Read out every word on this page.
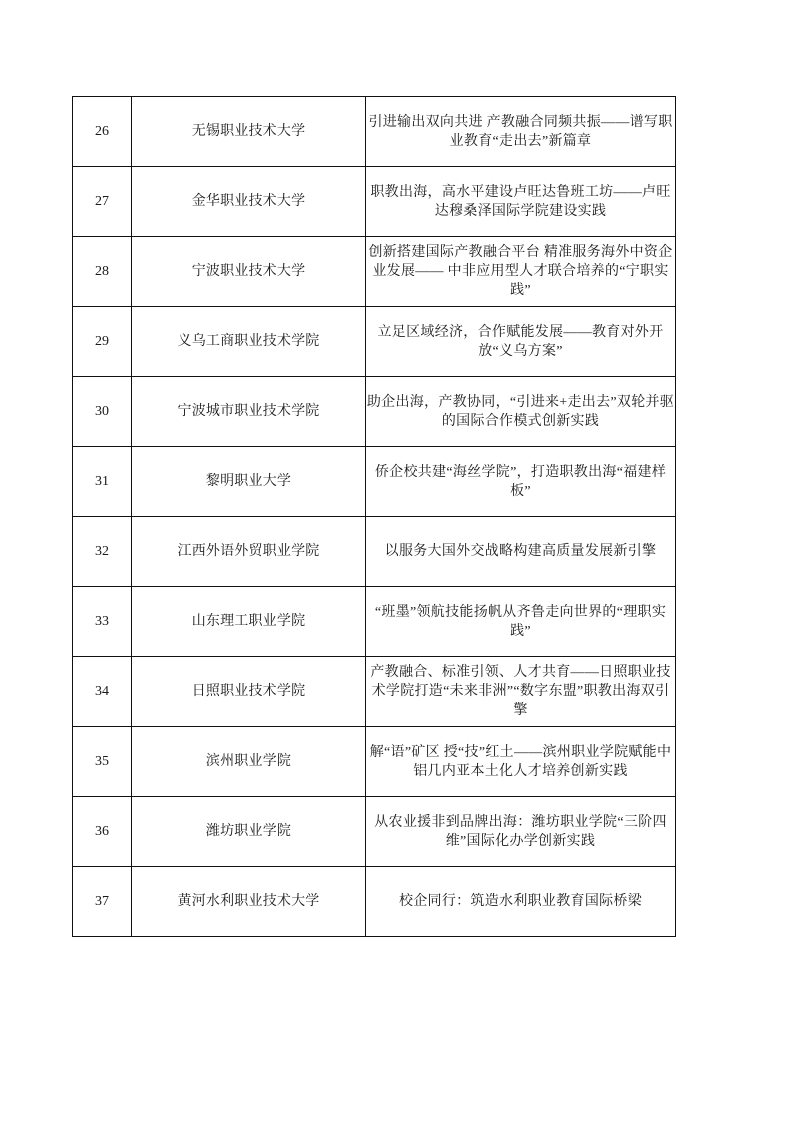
26	无锡职业技术大学	引进输出双向共进 产教融合同频共振——谱写职业教育“走出去”新篇章
27	金华职业技术大学	职教出海，高水平建设卢旺达鲁班工坊——卢旺达穆桑泽国际学院建设实践
28	宁波职业技术大学	创新搭建国际产教融合平台 精准服务海外中资企业发展—— 中非应用型人才联合培养的“宁职实践”
29	义乌工商职业技术学院	立足区域经济，合作赋能发展——教育对外开放“义乌方案”
30	宁波城市职业技术学院	助企出海，产教协同，“引进来+走出去”双轮并驱的国际合作模式创新实践
31	黎明职业大学	侨企校共建“海丝学院”，打造职教出海“福建样板”
32	江西外语外贸职业学院	以服务大国外交战略构建高质量发展新引擎
33	山东理工职业学院	“班墨”领航技能扬帆从齐鲁走向世界的“理职实践”
34	日照职业技术学院	产教融合、标准引领、人才共育——日照职业技术学院打造“未来非洲”“数字东盟”职教出海双引擎
35	滨州职业学院	解“语”矿区 授“技”红土——滨州职业学院赋能中铝几内亚本土化人才培养创新实践
36	潍坊职业学院	从农业援非到品牌出海：潍坊职业学院“三阶四维”国际化办学创新实践
37	黄河水利职业技术大学	校企同行：筑造水利职业教育国际桥梁
